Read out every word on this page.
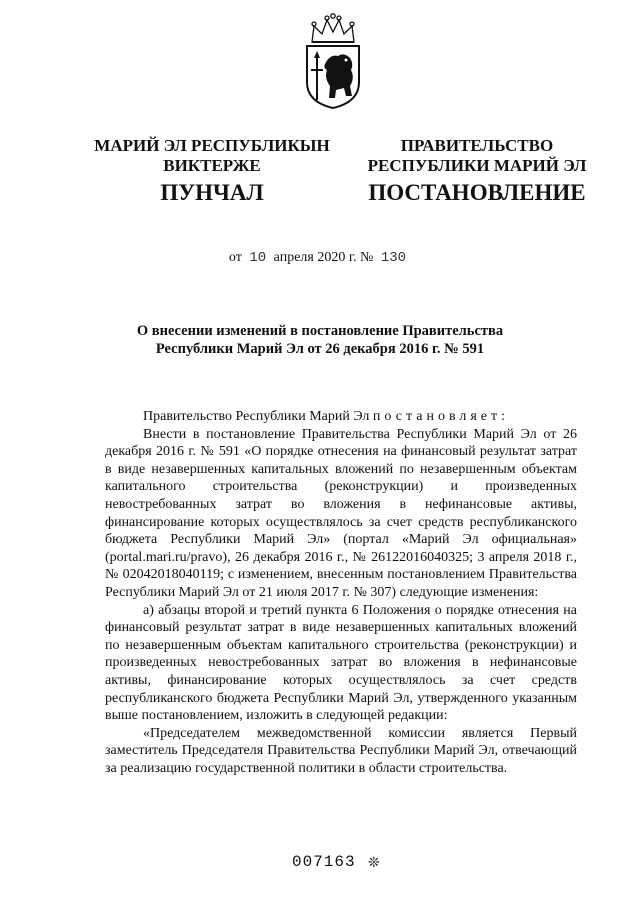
МАРИЙ ЭЛ РЕСПУБЛИКЫН
ВИКТЕРЖЕ
ПУНЧАЛ
ПРАВИТЕЛЬСТВО
РЕСПУБЛИКИ МАРИЙ ЭЛ
ПОСТАНОВЛЕНИЕ
от 10 апреля 2020 г. № 130
О внесении изменений в постановление Правительства
Республики Марий Эл от 26 декабря 2016 г. № 591

Правительство Республики Марий Эл постановляет:

Внести в постановление Правительства Республики Марий Эл от 26 декабря 2016 г. № 591 «О порядке отнесения на финансовый результат затрат в виде незавершенных капитальных вложений по незавершенным объектам капитального строительства (реконструкции) и произведенных невостребованных затрат во вложения в нефинансовые активы, финансирование которых осуществлялось за счет средств республиканского бюджета Республики Марий Эл» (портал «Марий Эл официальная» (portal.mari.ru/pravo), 26 декабря 2016 г., № 26122016040325; 3 апреля 2018 г., № 02042018040119; с изменением, внесенным постановлением Правительства Республики Марий Эл от 21 июля 2017 г. № 307) следующие изменения:

а) абзацы второй и третий пункта 6 Положения о порядке отнесения на финансовый результат затрат в виде незавершенных капитальных вложений по незавершенным объектам капитального строительства (реконструкции) и произведенных невостребованных затрат во вложения в нефинансовые активы, финансирование которых осуществлялось за счет средств республиканского бюджета Республики Марий Эл, утвержденного указанным выше постановлением, изложить в следующей редакции:

«Председателем межведомственной комиссии является Первый заместитель Председателя Правительства Республики Марий Эл, отвечающий за реализацию государственной политики в области строительства.

007163 ❊
